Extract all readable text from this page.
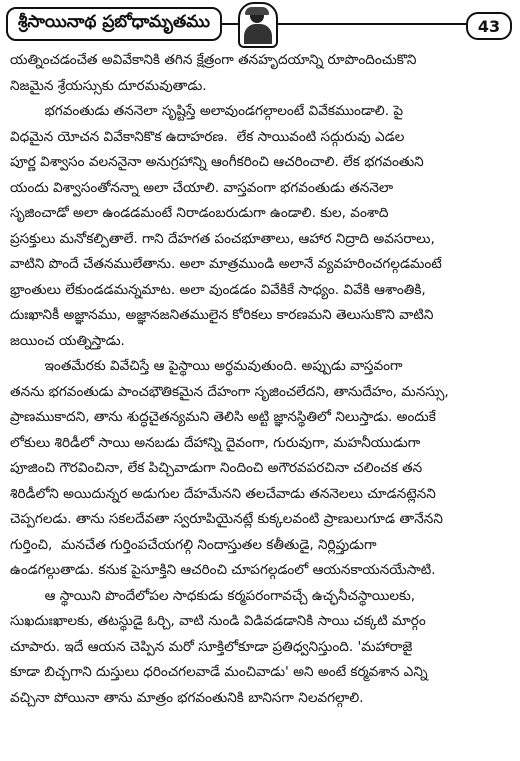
శ్రీసాయినాథ ప్రబోధామృతము	43
యత్నించడంచేత అవివేకానికి తగిన క్షేత్రంగా తనహృదయాన్ని రూపొందించుకొని
నిజమైన శ్రేయస్సుకు దూరమవుతాడు.
భగవంతుడు తననెలా సృష్టిస్తే అలావుండగల్గాలంటే వివేకముండాలి. పై
విధమైన యోచన వివేకానికొక ఉదాహరణ.  లేక సాయివంటి సద్గురువు ఎడల
పూర్ణ విశ్వాసం వలననైనా అనుగ్రహాన్ని ఆంగీకరించి ఆచరించాలి. లేక భగవంతుని
యందు విశ్వాసంతోనన్నా అలా చేయాలి. వాస్తవంగా భగవంతుడు తననెలా
సృజించాడో అలా ఉండడమంటే నిరాడంబరుడుగా ఉండాలి. కుల, వంశాది
ప్రసక్తులు మనోకల్పితాలే. గాని దేహగత పంచభూతాలు, ఆహార నిద్రాది అవసరాలు,
వాటిని పొందే చేతనములేతాను. అలా మాత్రముండి అలానే వ్యవహరించగల్గడమంటే
భ్రాంతులు లేకుండడమన్నమాట. అలా వుండడం వివేకికే సాధ్యం. వివేకి ఆశాంతికి,
దుఃఖానికీ అజ్ఞానము, అజ్ఞానజనితములైన కోరికలు కారణమని తెలుసుకొని వాటిని
జయించ యత్నిస్తాడు.
ఇంతమేరకు వివేచిస్తే ఆ పైస్థాయి అర్థమవుతుంది. అప్పుడు వాస్తవంగా
తనను భగవంతుడు పాంచభౌతికమైన దేహంగా సృజించలేదని, తానుదేహం, మనస్సు,
ప్రాణముకాదని, తాను శుద్ధచైతన్యమని తెలిసి అట్టి జ్ఞానస్థితిలో నిలుస్తాడు. అందుకే
లోకులు శిరిడీలో సాయి అనబడు దేహాన్ని దైవంగా, గురువుగా, మహనీయుడుగా
పూజించి గౌరవించినా, లేక పిచ్చివాడుగా నిందించి అగౌరవపరచినా చలించక తన
శిరిడీలోని అయిదున్నర అడుగుల దేహమేనని తలచేవాడు తననెలలు చూడనట్లెనని
చెప్పగలడు. తాను సకలదేవతా స్వరూపియైనట్లే కుక్కలవంటి ప్రాణులుగూడ తానేనని
గుర్తించి,  మనచేత గుర్తింపచేయగల్గి నిందాస్తుతల కతీతుడై, నిర్లిప్తుడుగా
ఉండగల్గుతాడు. కనుక పైసూక్తిని ఆచరించి చూపగల్గడంలో ఆయనకాయనయేసాటి.
ఆ స్థాయిని పొందేలోపల సాధకుడు కర్మపరంగావచ్చే ఉచ్ఛనీచస్థాయిలకు,
సుఖదుఃఖాలకు, తటస్థుడై ఓర్చి, వాటి నుండి విడివడడానికి సాయి చక్కటి మార్గం
చూపారు. ఇదే ఆయన చెప్పిన మరో సూక్తిలోకూడా ప్రతిధ్వనిస్తుంది. 'మహారాజై
కూడా బిచ్చగాని దుస్తులు ధరించగలవాడే మంచివాడు' అని అంటే కర్మవశాన ఎన్ని
వచ్చినా పోయినా తాను మాత్రం భగవంతునికి బానిసగా నిలవగల్గాలి.
